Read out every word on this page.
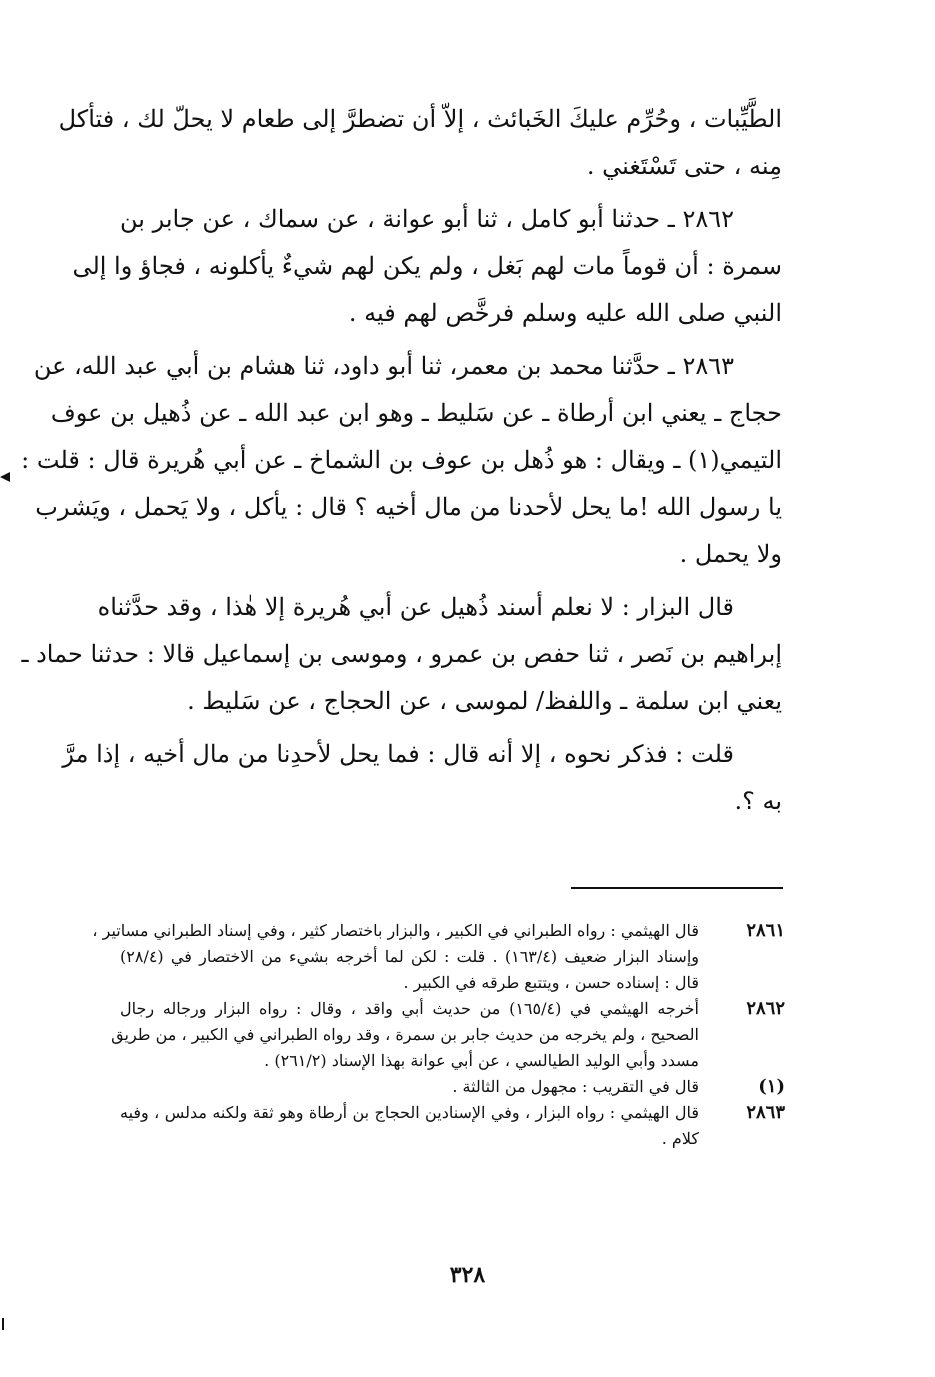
الطَّيِّبات ، وحُرِّم عليكَ الخَبائث ، إلاّ أن تضطرَّ إلى طعام لا يحلّ لك ، فتأكل
مِنه ، حتى تَسْتَغني .
٢٨٦٢ ـ حدثنا أبو كامل ، ثنا أبو عوانة ، عن سماك ، عن جابر بن
سمرة : أن قوماً مات لهم بَغل ، ولم يكن لهم شيءٌ يأكلونه ، فجاؤ وا إلى
النبي صلى الله عليه وسلم فرخَّص لهم فيه .
٢٨٦٣ ـ حدَّثنا محمد بن معمر، ثنا أبو داود، ثنا هشام بن أبي عبد الله، عن
حجاج ـ يعني ابن أرطاة ـ عن سَليط ـ وهو ابن عبد الله ـ عن ذُهيل بن عوف
التيمي(١) ـ ويقال : هو ذُهل بن عوف بن الشماخ ـ عن أبي هُريرة قال : قلت :
يا رسول الله !ما يحل لأحدنا من مال أخيه ؟ قال : يأكل ، ولا يَحمل ، ويَشرب
ولا يحمل .
قال البزار : لا نعلم أسند ذُهيل عن أبي هُريرة إلا هٰذا ، وقد حدَّثناه
إبراهيم بن نَصر ، ثنا حفص بن عمرو ، وموسى بن إسماعيل قالا : حدثنا حماد ـ
يعني ابن سلمة ـ واللفظ/ لموسى ، عن الحجاج ، عن سَليط .
قلت : فذكر نحوه ، إلا أنه قال : فما يحل لأحدِنا من مال أخيه ، إذا مرَّ
به ؟.
٢٨٦١
قال الهيثمي : رواه الطبراني في الكبير ، والبزار باختصار كثير ، وفي إسناد الطبراني مساتير ،
وإسناد البزار ضعيف (١٦٣/٤) . قلت : لكن لما أخرجه بشيء من الاختصار في (٢٨/٤)
قال : إسناده حسن ، ويتتبع طرقه في الكبير .
٢٨٦٢
أخرجه الهيثمي في (١٦٥/٤) من حديث أبي واقد ، وقال : رواه البزار ورجاله رجال
الصحيح ، ولم يخرجه من حديث جابر بن سمرة ، وقد رواه الطبراني في الكبير ، من طريق
مسدد وأبي الوليد الطيالسي ، عن أبي عوانة بهذا الإسناد (٢٦١/٢) .
(١)
قال في التقريب : مجهول من الثالثة .
٢٨٦٣
قال الهيثمي : رواه البزار ، وفي الإسنادين الحجاج بن أرطاة وهو ثقة ولكنه مدلس ، وفيه
كلام .
٣٢٨
